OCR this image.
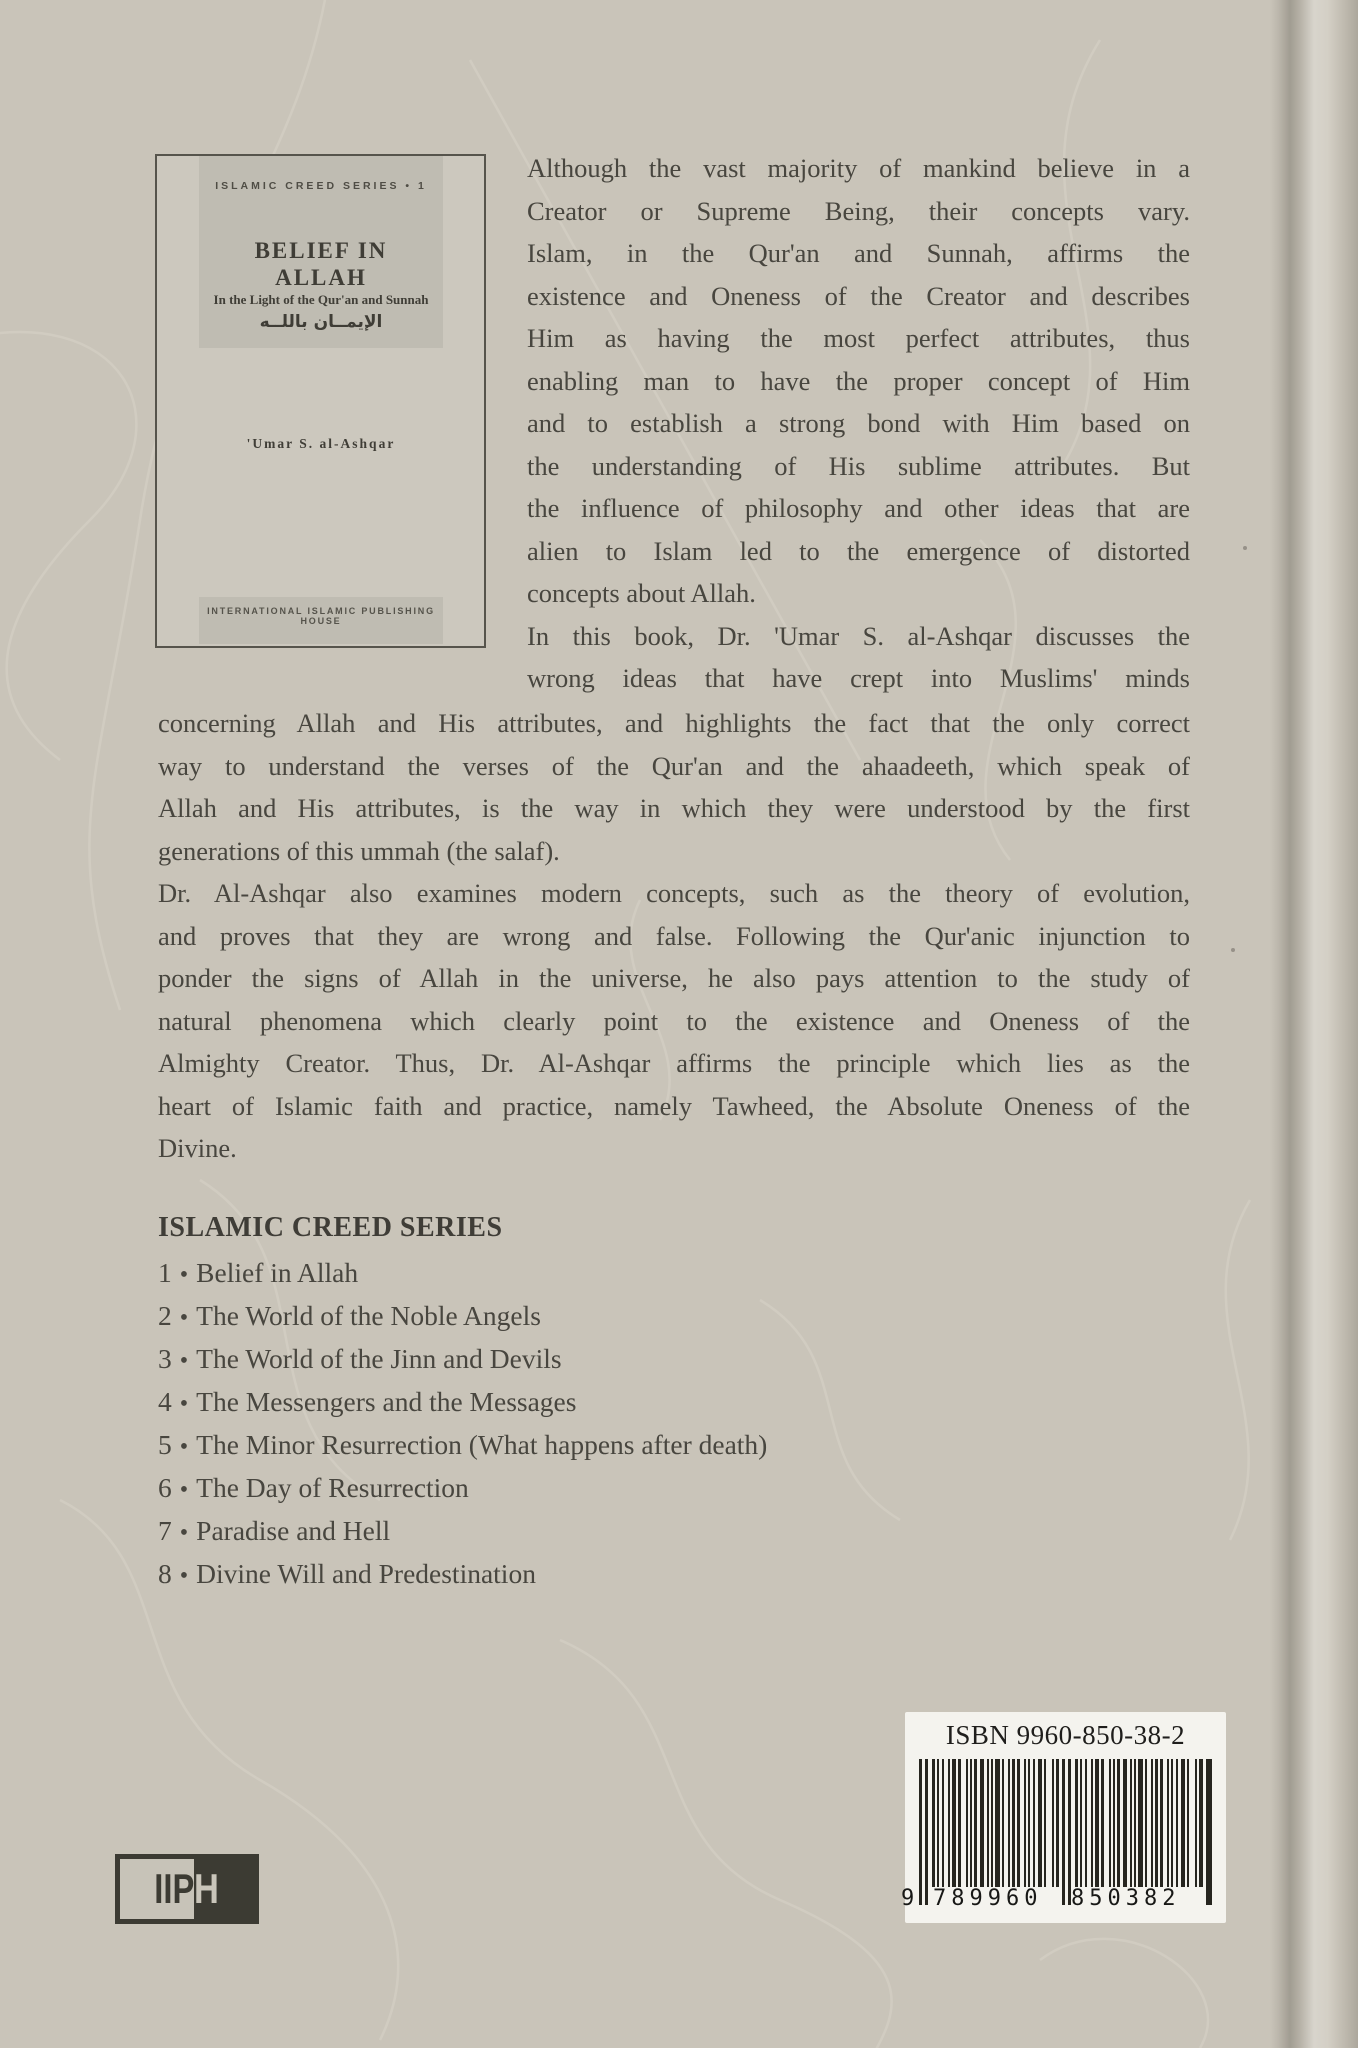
INTERNATIONAL ISLAMIC PUBLISHING HOUSE
ISLAMIC CREED SERIES • 1
BELIEF IN
ALLAH
In the Light of the Qur'an and Sunnah
الإيمــان باللــه
'Umar S. al-Ashqar
Although the vast majority of mankind believe in a
Creator or Supreme Being, their concepts vary.
Islam, in the Qur'an and Sunnah, affirms the
existence and Oneness of the Creator and describes
Him as having the most perfect attributes, thus
enabling man to have the proper concept of Him
and to establish a strong bond with Him based on
the understanding of His sublime attributes. But
the influence of philosophy and other ideas that are
alien to Islam led to the emergence of distorted
concepts about Allah.
In this book, Dr. 'Umar S. al-Ashqar discusses the
wrong ideas that have crept into Muslims' minds
concerning Allah and His attributes, and highlights the fact that the only correct
way to understand the verses of the Qur'an and the ahaadeeth, which speak of
Allah and His attributes, is the way in which they were understood by the first
generations of this ummah (the salaf).
Dr. Al-Ashqar also examines modern concepts, such as the theory of evolution,
and proves that they are wrong and false. Following the Qur'anic injunction to
ponder the signs of Allah in the universe, he also pays attention to the study of
natural phenomena which clearly point to the existence and Oneness of the
Almighty Creator. Thus, Dr. Al-Ashqar affirms the principle which lies as the
heart of Islamic faith and practice, namely Tawheed, the Absolute Oneness of the
Divine.
ISLAMIC CREED SERIES
1 • Belief in Allah
2 • The World of the Noble Angels
3 • The World of the Jinn and Devils
4 • The Messengers and the Messages
5 • The Minor Resurrection (What happens after death)
6 • The Day of Resurrection
7 • Paradise and Hell
8 • Divine Will and Predestination
ISBN 9960-850-38-2
9 789960	850382
IIP H
